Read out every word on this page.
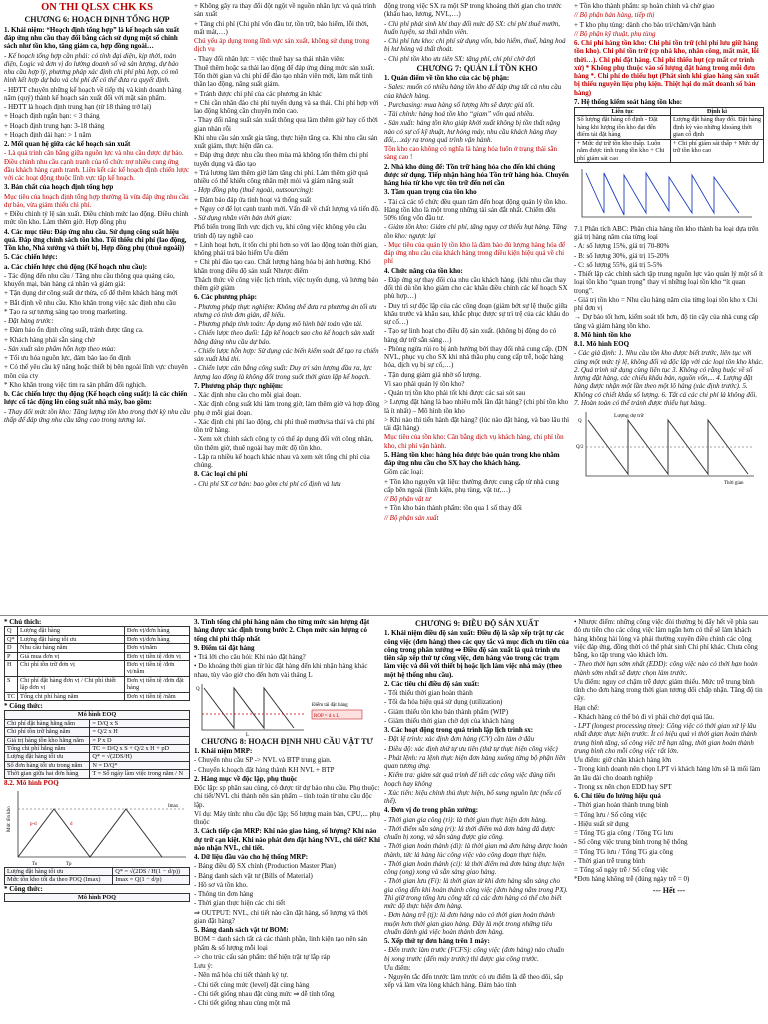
ÔN THI QLSX CHK KS
CHƯƠNG 6: HOẠCH ĐỊNH TỔNG HỢP

1. Khái niệm: “Hoạch định tổng hợp” là kế hoạch sản xuất đáp ứng nhu cầu thay đổi bằng cách sử dụng một số chính sách như tồn kho, tăng giảm ca, hợp đồng ngoài…

- Kế hoạch tổng hợp cần phải: có tính đại diện, kịp thời, toàn diện, Logic và đơn vị đo lường doanh số và sản lượng, dự báo nhu cầu hợp lý, phương pháp xác định chi phí phù hợp, có mô hình kết hợp dự báo và chi phí để có thể đưa ra quyết định.

- HĐTT chuyên những kế hoạch về tiếp thị và kinh doanh hàng năm (quý) thành kế hoạch sản xuất đối với mặt sản phẩm.

- HĐTT là hoạch định trung hạn (từ 18 tháng trở lại)

+ Hoạch định ngắn hạn: < 3 tháng

+ Hoạch định trung hạn: 3-18 tháng

+ Hoạch định dài hạn: > 1 năm

2. Mối quan hệ giữa các kế hoạch sản xuất

- Là quá trình cân bằng giữa nguồn lực và nhu cầu được dự báo. Điều chỉnh nhu cầu cạnh tranh của tổ chức trợ nhiều cung ứng đầu khách hàng cạnh tranh. Liên kết các kế hoạch định chiến lược với các hoạt động thuộc lĩnh vực tập kế hoạch.

3. Bản chất của hoạch định tổng hợp

Mục tiêu của hoạch định tổng hợp thường là vừa đáp ứng nhu cầu dự báo, vừa giảm thiểu chi phí.

+ Điều chỉnh tỷ lệ sản xuất. Điều chỉnh mức lao động. Điều chỉnh mức tồn kho. Làm thêm giờ. Hợp đồng phụ

4. Các mục tiêu: Đáp ứng nhu cầu. Sử dụng công suất hiệu quả. Đáp ứng chính sách tồn kho. Tối thiểu chi phí (lao động, Tồn kho, Nhà xưởng và thiết bị, Hợp đồng phụ (thuê ngoài))

5. Các chiến lược:

a. Các chiến lược chủ động (Kế hoạch nhu cầu):

- Tác động đến nhu cầu / Tăng nhu cầu thông qua quảng cáo, khuyến mại, bán hàng cá nhân và giảm giá:

+ Tận dụng dư công suất dư thừa, cố để thêm khách hàng mới

+ Bắt định về nhu cầu. Kho khăn trong việc xác định nhu cầu

* Tạo ra sự tương sáng tạo trong marketing.

- Đặt hàng trước:

+ Đảm bảo ổn định công suất, tránh được tăng ca.

+ Khách hàng phải sẵn sàng chờ

- Sản xuất sản phẩm hỗn hợp theo mùa:

+ Tối ưu hóa nguồn lực, đảm bảo lao ổn định

+ Có thể yêu cầu kỹ năng hoặc thiết bị bên ngoài lĩnh vực chuyên môn của cty

* Kho khăn trong việc tìm ra sản phẩm đối nghịch.

b. Các chiến lược thụ động (Kế hoạch công suất): là các chiến lược cố tác động lên công suất nhà máy, bao gồm:

- Thay đổi mức tồn kho: Tăng lượng tồn kho trong thời kỳ nhu cầu thấp để đáp ứng nhu cầu tăng cao trong tương lai.

+ Không gây ra thay đổi đột ngột về nguồn nhân lực và quá trình sản xuất

+ Tăng chi phí (Chi phí vốn đầu tư, tồn trữ, bảo hiểm, lỗi thời, mất mát,…)

Chú yếu áp dụng trong lĩnh vực sản xuất, không sử dụng trong dịch vụ

- Thay đổi nhân lực = việc thuê hay sa thải nhân viên:

Thuê thêm hoặc sa thải lao động để đáp ứng đúng mức sản xuất. Tốn thời gian và chi phí để đào tạo nhân viên mới, làm mất tinh thần lao động, năng suất giảm.

+ Tránh được chi phí của các phương án khác

+ Chi cần nhân đào chi phí tuyển dụng và sa thải. Chi phí hợp với lao động không cần chuyên môn cao.

- Thay đổi năng suất sản xuất thông qua làm thêm giờ hay cố thời gian nhàn rỗi

Khi nhu cầu sản xuất gia tăng, thực hiện tăng ca. Khi nhu cầu sản xuất giảm, thực hiện dãn ca.

+ Đáp ứng được nhu cầu theo mùa mà không tốn thêm chi phí tuyển dụng và đào tạo

+ Trả lương làm thêm giờ làm tăng chi phí. Làm thêm giờ quá nhiều có thể khiến công nhân mệt mỏi và giảm năng suất

- Hợp đồng phụ (thuê ngoài, outsourcing):

+ Đảm bảo đáp ứa tình hoạt và thống suất

+ Nguy cơ để lọt cạnh tranh mới. Vấn đề về chất lượng và tiến độ.

- Sử dụng nhân viên bán thời gian:

Phổ biến trong lĩnh vực dịch vụ, khi công việc không yêu cầu trình độ tay nghề cao

+ Linh hoạt hơn, ít tốn chi phí hơn so với lao động toàn thời gian, không phải trả bảo hiểm Ưu điểm

+ Chi phí đào tạo cao. Chất lượng hàng hóa bị ảnh hưởng. Khó khăn trong điều độ sản xuất Nhược điểm

Thách thức về công việc lịch trình, việc tuyển dụng, và lương bảo thêm giờ giảm

6. Các phương pháp:

- Phương pháp thực nghiệm: Không thể đưa ra phương án tối ưu nhưng có tính đơn giản, dễ hiểu.

- Phương pháp tính toán: Áp dụng mô hình bài toán vận tải.

- Chiến lược theo đuổi: Lập kế hoạch sao cho kế hoạch sản xuất bằng đúng nhu cầu dự báo.

- Chiến lược hỗn hợp: Sử dụng các biến kiểm soát để tạo ra chiến sản xuất khả thi.

- Chiến lược cân bằng công suất: Duy trì sản lượng đầu ra, lực lượng lao động là không đổi trong suốt thời gian lập kế hoạch.

7. Phương pháp thực nghiệm:

- Xác định nhu cầu cho mỗi giai đoạn.

- Xác định công suất khi làm trong giờ, làm thêm giờ và hợp đồng phụ ở mỗi giai đoạn.

- Xác định chi phí lao động, chi phí thuê mướn/sa thải và chi phí tồn trữ hàng.

- Xem xét chính sách công ty có thể áp dụng đối với công nhân, tồn thêm giờ, thuê ngoài hay mức độ tồn kho.

- Lập ra nhiều kế hoạch khác nhau và xem xét tổng chi phí của chúng.

8. Các loại chi phí

- Chi phí SX cơ bản: bao gồm chi phí cố định và lưu

động trong việc SX ra một SP trong khoảng thời gian cho trước (khấu hao, lương, NVL,…)

- Chi phí phát sinh khi thay đổi mức độ SX: chi phí thuê mướn, huấn luyện, sa thải nhân viên.

- Chi phí lưu kho: chi phí sử dụng vốn, bảo hiểm, thuế, hàng hoá bị hư hỏng và thất thoát.

- Chi phí tồn kho ưu tiên SX: tăng phí, chi phí chờ đợi

CHƯƠNG 7: QUẢN LÍ TỒN KHO

1. Quản điểm về tồn kho của các bộ phận:

- Sales: muốn có nhiều hàng tồn kho để đáp ứng tất cả nhu cầu của khách hàng.

- Purchasing: mua hàng số lượng lớn sẽ được giá tốt.

- Tài chính: hàng hoá tồn kho “giam” vốn quá nhiều.

- Sản xuất: hàng tồn kho giúp khởi xuất không bị tồn thất nặng nào có sự cố kỹ thuật, hư hỏng máy, nhu cầu khách hàng thay đổi,…xảy ra trong quá trình vận hành.

Tồn kho cao không có nghĩa là hàng hóa luôn ở trạng thái sẵn sàng cao !

2. Nhà kho dùng để: Tồn trữ hàng hóa cho đến khi chúng được sử dụng. Tiếp nhận hàng hóa Tồn trữ hàng hóa. Chuyển hàng hóa từ kho vực tồn trữ đến nơi cần

3. Tầm quan trọng của tồn kho

- Tài cả các tổ chức đều quan tâm đến hoạt động quản lý tồn kho. Hàng tồn kho là một trong những tài sản đắt nhất. Chiếm đến 50% tổng vốn đầu tư.

- Giảm tồn kho: Giảm chi phí, tăng nguy cơ thiếu hụt hàng. Tăng tồn kho: ngược lại

- Mục tiêu của quản lý tồn kho là đảm bảo đủ lượng hàng hóa để đáp ứng nhu cầu của khách hàng trong điều kiện hiệu quả về chi phí

4. Chức năng của tồn kho:

- Đáp ứng sự thay đổi của nhu cầu khách hàng. (khi nhu cầu thay đổi thì dù tồn kho giảm cho các khâu điều chỉnh các kế hoạch SX phù hợp…)

- Duy trì sự độc lập của các công đoạn (giảm bớt sự lệ thuộc giữa khâu trước và khâu sau, khắc phục được sự trì trệ của các khâu do sự cố…)

- Tạo sự linh hoạt cho điều độ sản xuất. (không bị động do có hàng dự trữ sẵn sàng…)

- Phòng ngừa rủi ro bị ảnh hưởng bởi thay đổi nhà cung cấp. (DN NVL, phục vụ cho SX khi nhà thầu phụ cung cấp trễ, hoặc hàng hóa, dịch vụ bị sự cố,…)

- Tận dụng giảm giá nhờ số lượng.

Vì sao phải quản lý tồn kho?

- Quản trị tồn kho phải tốt khi được các sai sót sau

> Lượng đặt hàng là bao nhiêu mỗi lần đặt hàng? (chi phí tồn kho là ít nhất) – Mô hình tồn kho

> Khi nào thì tiến hành đặt hàng? (lúc nào đặt hàng, và bao lâu thì tái đặt hàng)

Mục tiêu của tồn kho: Cân bằng dịch vụ khách hàng, chi phí tồn kho, chi phí vận hành.

5. Hàng tồn kho: hàng hóa được bảo quản trong kho nhằm đáp ứng nhu cầu cho SX hay cho khách hàng.

Gồm các loại:

+ Tồn kho nguyên vật liệu: thường được cung cấp từ nhà cung cấp bên ngoài (linh kiện, phụ tùng, vật tư,…)

// Bộ phận vật tư

+ Tồn kho bán thành phẩm: tồn qua 1 số thay đổi

// Bộ phận sản xuất

+ Tồn kho thành phẩm: sp hoàn chỉnh và chờ giao

// Bộ phận bán hàng, tiếp thị

+ T kho phụ tùng: dành cho bảo trì/chăm/vận hành

// Bộ phận kỹ thuật, phụ tùng

6. Chi phí hàng tồn kho: Chi phí tồn trữ (chi phí lưu giữ hàng tồn kho). Chi phí tồn trữ (cp nhà kho, nhân công, mất mát, lỗi thời…). Chi phí đặt hàng. Chi phí thiếu hụt (cp mất cơ trình xử) * Không phụ thuộc vào số lượng đặt hàng trong mỗi đơn hàng *. Chi phí do thiếu hụt (Phát sinh khi giao hàng sản xuất bị thiếu nguyên liệu phụ kiện. Thiệt hại do mất doanh số bán hàng)

7. Hệ thống kiểm soát hàng tồn kho:

Liên tục	Định kì
Số lượng đặt hàng cố định - Đặt hàng khi lượng tồn kho đạt đến điểm tái đặt hàng	Lượng đặt hàng thay đổi. Đặt hàng định kỳ vào những khoảng thời gian cố định
+ Mức dự trữ tồn kho thấp. Luôn nắm được tình trạng tồn kho + Chi phí giám sát cao	+ Chi phí giám sát thấp + Mức dự trữ tồn kho cao

7.1 Phân tích ABC: Phân chia hàng tồn kho thành ba loại dựa trên giá trị hàng năm của từng loại

- A: số lượng 15%, giá trị 70-80%

- B: số lượng 30%, giá trị 15-20%

- C: số lượng 55%, giá trị 5-5%

- Thiết lập các chính sách tập trung nguồn lực vào quản lý một số ít loại tồn kho “quan trọng” thay vì những loại tồn kho “ít quan trọng”.

- Giá trị tồn kho = Nhu cầu hàng năm của từng loại tồn kho x Chi phí đơn vị

→ Dự báo tốt hơn, kiểm soát tốt hơn, độ tin cậy của nhà cung cấp tăng và giảm hàng tồn kho.

8. Mô hình tồn kho

8.1. Mô hình EOQ

- Các giả định: 1. Nhu cầu tồn kho được biết trước, liên tục với cùng một mức tỷ lệ, không đổi và độc lập với các loại tồn kho khác. 2. Quá trình sử dụng cùng liên tục 3. Không có rằng buộc về số lượng đặt hàng, các chiếu khấu bán, nguồn vốn,... 4. Lượng đặt hàng được nhận một lần theo một lô hàng (xác định trước). 5. Không có chiết khấu số lượng. 6. Tất cả các chi phí là không đổi. 7. Hoàn toàn có thể tránh được thiếu hụt hàng.

Lượng dự trữ
Q/2
Q
Thời gian
* Chú thích:
Q	Lượng đặt hàng	Đơn vị/đơn hàng
Q*	Lượng đặt hàng tối ưu	Đơn vị/đơn hàng
D	Nhu cầu hàng năm	Đơn vị/năm
P	Giá mua đơn vị	Đơn vị tiền tệ /đơn vị
H	Chi phí tồn trữ đơn vị	Đơn vị tiền tệ /đơn vị/năm
S	Chi phí đặt hàng đơn vị / Chi phí thiết lập đơn vị	Đơn vị tiền tệ /đơn đặt hàng
TC	Tổng chi phí hàng năm	Đơn vị tiền tệ /năm
* Công thức:
Mô hình EOQ	
Chi phí đặt hàng hằng năm	= D/Q x S
Chi phí tồn trữ hằng năm	= Q/2 x H
Giá trị hàng tồn kho hằng năm	= P x D
Tổng chi phí hằng năm	TC = D/Q x S + Q/2 x H + pD
Lượng đặt hàng tối ưu	Q* = √(2DS/H)
Số đơn hàng tối ưu trong năm	N = D/Q*
Thời gian giữa hai đơn hàng	T = Số ngày làm việc trong năm / N
8.2. Mô hình POQ
Mức tồn kho	p-d	d
Imax
To	Tp
Lượng đặt hàng tối ưu	Q* = √(2DS / H(1 − d/p))
Mức tồn kho tối đa theo POQ (Imax)	Imax = Q(1 − d/p)
* Công thức:
Mô hình POQ

3. Tính tổng chi phí hàng năm cho từng mức sản lượng đặt hàng được xác định trong bước 2. Chọn mức sản lượng có tổng chi phí thấp nhất

9. Điểm tái đặt hàng

• Trả lời cho câu hỏi: Khi nào đặt hàng?

• Do khoảng thời gian từ lúc đặt hàng đến khi nhận hàng khác nhau, tùy vào giờ cho đến hơn vài tháng L

Q
ROP = d x L
Điểm tái đặt hàng
L
CHƯƠNG 8: HOẠCH ĐỊNH NHU CẦU VẬT TƯ

1. Khái niệm MRP:

- Chuyển nhu cầu SP -> NVL và BTP trung gian.

- Chuyển k.hoạch đặt hàng thành KH NVL + BTP

2. Hàng mục về độc lập, phụ thuộc

Độc lập: sp phân sau cùng, có được từ dự báo nhu cầu. Phụ thuộc: chi tiết/NVL chi thành nên sản phẩm – tính toán từ nhu cầu độc lập.

Ví dụ: Máy tính: nhu cầu độc lập; Số lượng main bàn, CPU,... phụ thuộc

3. Cách tiếp cận MRP: Khi nào giao hàng, số lượng? Khi nào dự trữ cạn kiệt. Khi nào phát đơn đặt hàng NVL, chi tiết? Khi nào nhận NVL, chi tiết.

4. Dữ liệu đầu vào cho hệ thống MRP:

- Bảng điều độ SX chính (Production Master Plan)

- Bảng danh sách vật tư (Bills of Material)

- Hồ sơ và tồn kho.

- Thông tin đơn hàng

- Thời gian thực hiện các chi tiết

⇒ OUTPUT: NVL, chi tiết nào cần đặt hàng, số lượng và thời gian đặt hàng?

5. Bảng danh sách vật tư BOM:

BOM = danh sách tất cả các thành phần, linh kiện tạo nên sản phẩm & số lượng mỗi loại

-> cho trúc cấu sản phẩm: thể hiện trật tự lắp ráp

Lưu ý:

- Nên mã hóa chi tiết thành ký tự.

- Chi tiết cùng mức (level) đặt cùng hàng

- Chi tiết giống nhau đặt cùng mức ⇒ dễ tính tổng

- Chi tiết giống nhau cùng một mã

CHƯƠNG 9: ĐIỀU ĐỘ SẢN XUẤT

1. Khái niệm điều độ sản xuất: Điều độ là sắp xếp trật tự các công việc (đơn hàng) theo các quy tắc và mục đích ưu tiên của công trong phân xưởng ⇒ Điều độ sản xuất là quá trình ưu tiên sắp xếp thứ tự công việc, đơn hàng vào trong các trạm làm việc và đối với thiết bị hoặc lịch làm việc nhà máy (theo một hệ thống nhu cầu).

2. Các tiêu chí điều độ sản xuất:

- Tối thiểu thời gian hoàn thành

- Tối đa hóa hiệu quả sử dụng (utilization)

- Giảm thiểu tồn kho bán thành phẩm (WIP)

- Giảm thiểu thời gian chờ đợi của khách hàng

3. Các hoạt động trong quá trình lập lịch trình sx:

- Đặt lệ trình: xác định đơn hàng (CV) cần làm ở đâu

- Điều độ: xác định thứ tự ưu tiên (thứ tự thực hiện công việc)

- Phát lệnh: ra lệnh thực hiện đơn hàng xuống từng bộ phận liên quan tương ứng.

- Kiểm tra: giám sát quá trình để tiết các công việc đúng tiến hoạch hay không

- Xúc tiến: hiệu chỉnh thủ thực hiện, bổ sung nguồn lực (nếu cố thể).

4. Đơn vị đo trong phân xưởng:

- Thời gian gia công (ri): là thời gian thực hiện đơn hàng.

- Thời điểm sẵn sàng (ri): là thời điểm mà đơn hàng đã được chuẩn bị xong, và sẵn sàng được gia công.

- Thời gian hoàn thành (di): là thời gian mà đơn hàng được hoàn thành, tức là hàng lúc công việc vào công đoạn thực hiện.

- Thời gian hoàn thành (ci): là thời điểm mà đơn hàng thực hiện công (ong) xong và sẵn sàng giao hàng.

- Thời gian lưu (Fi): là thời gian từ khi đơn hàng sẵn sàng cho gia công đến khi hoàn thành công việc (đơn hàng nằm trong PX). Thì giữ trong tổng lưu công tất cả các đơn hàng có thể cho biết mức độ thực hiện đơn hàng.

- Đơn hàng trễ (tj): là đơn hàng nào có thời gian hoàn thành muộn hơn thời gian giao hàng. Đây là một trong những tiêu chuẩn đánh giá việc hoàn thành đơn hàng.

5. Xếp thứ tự đơn hàng trên 1 máy:

- Đến trước làm trước (FCFS): công việc (đơn hàng) nào chuẩn bị xong trước (đến máy trước) thì được gia công trước.

Ưu điểm:

- Nguyên tắc đến trước làm trước có ưu điểm là dễ theo dõi, sắp xếp và làm vừa lòng khách hàng. Đảm bảo tính

• Nhược điểm: những công việc đòi thường bị đẩy hết về phía sau đó ưu tiên cho các công việc làm ngắn hơn có thể sẽ làm khách hàng không hài lòng và phải thường xuyên điều chỉnh các công việc đáp ứng, đồng thời có thể phát sinh Chi phí khác. Chưa công bằng, ko tập trung vào khách lớn.

- Theo thời hạn sớm nhất (EDD): công việc nào có thời hạn hoàn thành sớm nhất sẽ được chọn làm trước.

Ưu điểm: nguy cơ chậm trễ được giảm thiểu. Mức trễ trung bình tính cho đơn hàng trong thời gian tương đối chấp nhận. Tăng độ tin cậy.

Hạn chế:

- Khách hàng có thể bỏ đi vì phải chờ đợi quá lâu.

- LPT (longest processing time): Công việc có thời gian xử lý lâu nhất được thực hiện trước. Ít có hiệu quả vì thời gian hoàn thành trung bình tăng, số công việc trễ hạn tăng, thời gian hoàn thành trung bình cho mỗi công việc rất lớn.

Ưu điểm: giữ chân khách hàng lớn

- Trong kinh doanh nên chọn LPT vì khách hàng lớn sẽ là mối làm ăn lâu dài cho doanh nghiệp

- Trong sx nên chọn EDD hay SPT

6. Chỉ tiêu đo lường hiệu quả

- Thời gian hoàn thành trung bình

= Tổng lưu / Số công việc

- Hiệu suất sử dụng

= Tổng TG gia công / Tổng TG lưu

- Số công việc trung bình trong hệ thống

= Tổng TG lưu / Tổng TG gia công

- Thời gian trễ trung bình

= Tổng số ngày trễ / Số công việc

*Đơn hàng không trễ (đúng ngày trễ = 0)

--- Hết ---
